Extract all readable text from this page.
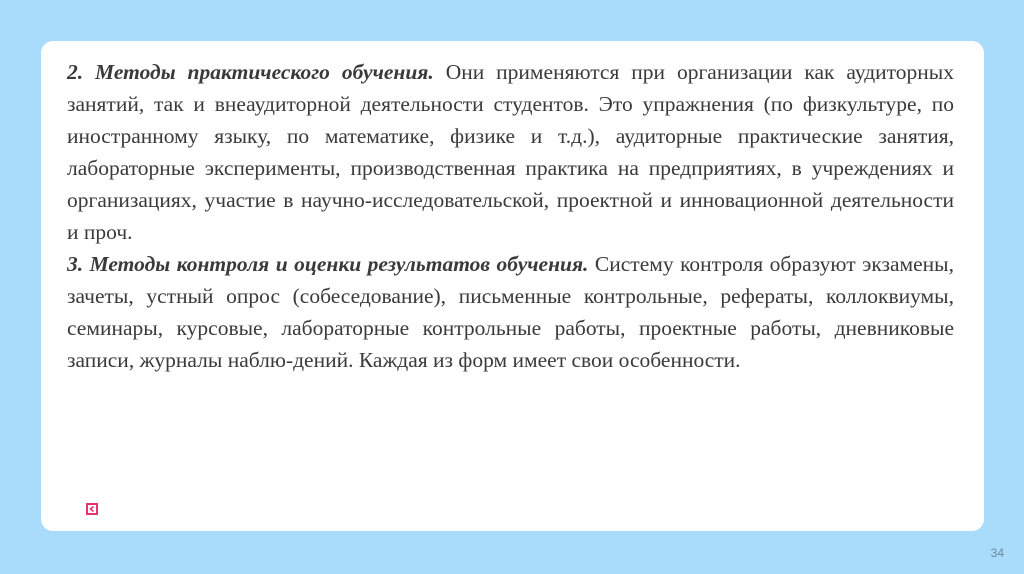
2. Методы практического обучения. Они применяются при организации как аудиторных занятий, так и внеаудиторной деятельности студентов. Это упражнения (по физкультуре, по иностранному языку, по математике, физике и т.д.), аудиторные практические занятия, лабораторные эксперименты, производственная практика на предприятиях, в учреждениях и организациях, участие в научно-исследовательской, проектной и инновационной деятельности и проч.

3. Методы контроля и оценки результатов обучения. Систему контроля образуют экзамены, зачеты, устный опрос (собеседование), письменные контрольные, рефераты, коллоквиумы, семинары, курсовые, лабораторные контрольные работы, проектные работы, дневниковые записи, журналы наблю-дений. Каждая из форм имеет свои особенности.

34
